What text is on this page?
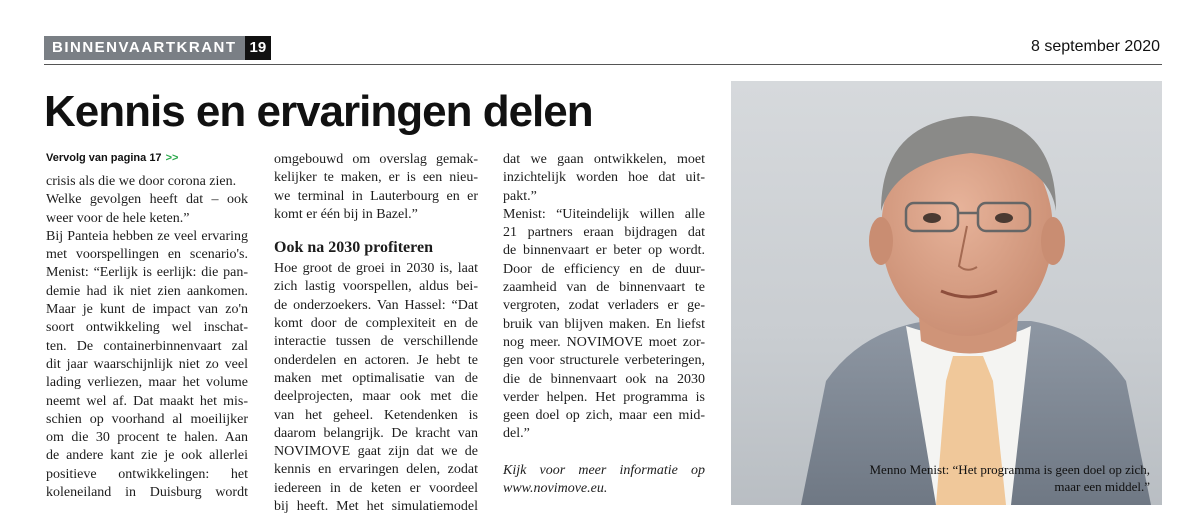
BINNENVAARTKRANT 19	8 september 2020
Kennis en ervaringen delen
Vervolg van pagina 17 >>

crisis als die we door corona zien.

Welke gevolgen heeft dat – ook

weer voor de hele keten.”

Bij Panteia hebben ze veel ervaring

met voorspellingen en scenario's.

Menist: “Eerlijk is eerlijk: die pan-

demie had ik niet zien aankomen.

Maar je kunt de impact van zo'n

soort ontwikkeling wel inschat-

ten. De containerbinnenvaart zal

dit jaar waarschijnlijk niet zo veel

lading verliezen, maar het volume

neemt wel af. Dat maakt het mis-

schien op voorhand al moeilijker

om die 30 procent te halen. Aan

de andere kant zie je ook allerlei

positieve ontwikkelingen: het

koleneiland in Duisburg wordt

omgebouwd om overslag gemak-

kelijker te maken, er is een nieu-

we terminal in Lauterbourg en er

komt er één bij in Bazel.”

Ook na 2030 profiteren

Hoe groot de groei in 2030 is, laat

zich lastig voorspellen, aldus bei-

de onderzoekers. Van Hassel: “Dat

komt door de complexiteit en de

interactie tussen de verschillende

onderdelen en actoren. Je hebt te

maken met optimalisatie van de

deelprojecten, maar ook met die

van het geheel. Ketendenken is

daarom belangrijk. De kracht van

NOVIMOVE gaat zijn dat we de

kennis en ervaringen delen, zodat

iedereen in de keten er voordeel

bij heeft. Met het simulatiemodel

dat we gaan ontwikkelen, moet

inzichtelijk worden hoe dat uit-

pakt.”

Menist: “Uiteindelijk willen alle

21 partners eraan bijdragen dat

de binnenvaart er beter op wordt.

Door de efficiency en de duur-

zaamheid van de binnenvaart te

vergroten, zodat verladers er ge-

bruik van blijven maken. En liefst

nog meer. NOVIMOVE moet zor-

gen voor structurele verbeteringen,

die de binnenvaart ook na 2030

verder helpen. Het programma is

geen doel op zich, maar een mid-

del.”

Kijk voor meer informatie op

www.novimove.eu.

Menno Menist: “Het programma is geen doel op zich,
maar een middel.”
